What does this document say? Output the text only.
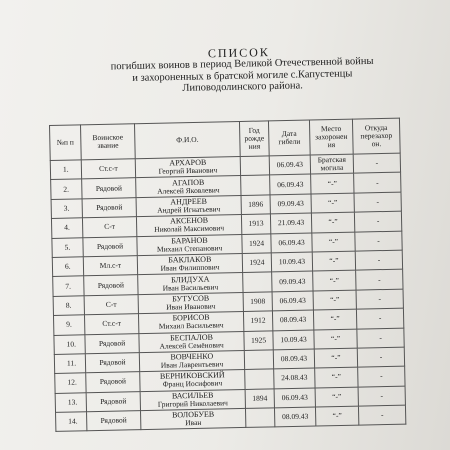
СПИСОК
погибших воинов в период Великой Отечественной войны
и захороненных в братской могиле с.Капустенцы
Липоводолинского района.
№п п	Воинское звание	Ф.И.О.	Год рожде ния	Дата гибели	Место захоронен ия	Откуда перезахор он.
1.	Ст.с-т	АРХАРОВ
Георгий Иванович		06.09.43	Братская могила	-
2.	Рядовой	АГАПОВ
Алексей Яковлевич		06.09.43	“-”	-
3.	Рядовой	АНДРЕЕВ
Андрей Игнатьевич	1896	09.09.43	“-”	-
4.	С-т	АКСЕНОВ
Николай Максимович	1913	21.09.43	“-”	-
5.	Рядовой	БАРАНОВ
Михаил Степанович	1924	06.09.43	“-”	-
6.	Мл.с-т	БАКЛАКОВ
Иван Филиппович	1924	10.09.43	“-”	-
7.	Рядовой	БЛИДУХА
Иван Васильевич		09.09.43	“-”	-
8.	С-т	БУТУСОВ
Иван Иванович	1908	06.09.43	“-”	-
9.	Ст.с-т	БОРИСОВ
Михаил Васильевич	1912	08.09.43	“-”	-
10.	Рядовой	БЕСПАЛОВ
Алексей Семёнович	1925	10.09.43	“-”	-
11.	Рядовой	ВОВЧЕНКО
Иван Лаврентьевич		08.09.43	“-”	-
12.	Рядовой	ВЕРНИКОВСКИЙ
Франц Иосифович		24.08.43	“-”	-
13.	Рядовой	ВАСИЛЬЕВ
Григорий Николаевич	1894	06.09.43	“-”	-
14.	Рядовой	ВОЛОБУЕВ
Иван		08.09.43	“-”	-
